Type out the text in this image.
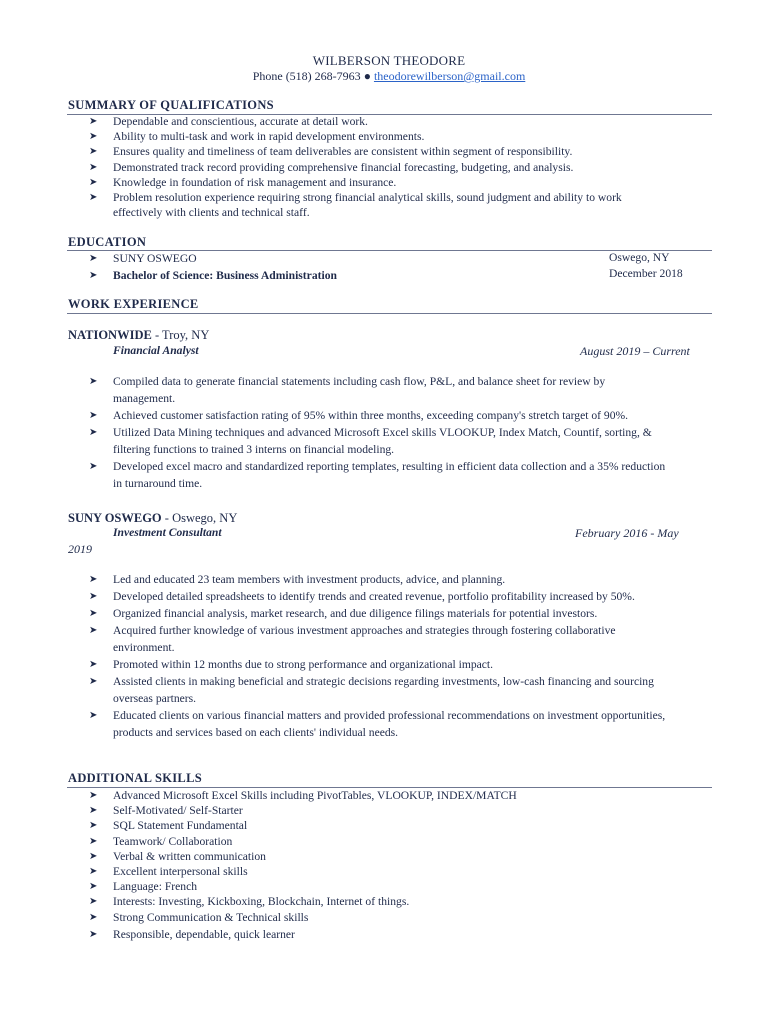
WILBERSON THEODORE
Phone (518) 268-7963 ● theodorewilberson@gmail.com
SUMMARY OF QUALIFICATIONS
➤ Dependable and conscientious, accurate at detail work.
➤ Ability to multi-task and work in rapid development environments.
➤ Ensures quality and timeliness of team deliverables are consistent within segment of responsibility.
➤ Demonstrated track record providing comprehensive financial forecasting, budgeting, and analysis.
➤ Knowledge in foundation of risk management and insurance.
➤ Problem resolution experience requiring strong financial analytical skills, sound judgment and ability to work
effectively with clients and technical staff.
EDUCATION
➤ SUNY OSWEGO
➤ Bachelor of Science: Business Administration
Oswego, NY
December 2018
WORK EXPERIENCE
NATIONWIDE - Troy, NY
Financial Analyst	August 2019 – Current
➤ Compiled data to generate financial statements including cash flow, P&L, and balance sheet for review by
management.
➤ Achieved customer satisfaction rating of 95% within three months, exceeding company's stretch target of 90%.
➤ Utilized Data Mining techniques and advanced Microsoft Excel skills VLOOKUP, Index Match, Countif, sorting, &
filtering functions to trained 3 interns on financial modeling.
➤ Developed excel macro and standardized reporting templates, resulting in efficient data collection and a 35% reduction
in turnaround time.
SUNY OSWEGO - Oswego, NY
Investment Consultant	February 2016 - May
2019
➤ Led and educated 23 team members with investment products, advice, and planning.
➤ Developed detailed spreadsheets to identify trends and created revenue, portfolio profitability increased by 50%.
➤ Organized financial analysis, market research, and due diligence filings materials for potential investors.
➤ Acquired further knowledge of various investment approaches and strategies through fostering collaborative
environment.
➤ Promoted within 12 months due to strong performance and organizational impact.
➤ Assisted clients in making beneficial and strategic decisions regarding investments, low-cash financing and sourcing
overseas partners.
➤ Educated clients on various financial matters and provided professional recommendations on investment opportunities,
products and services based on each clients' individual needs.
ADDITIONAL SKILLS
➤ Advanced Microsoft Excel Skills including PivotTables, VLOOKUP, INDEX/MATCH
➤ Self-Motivated/ Self-Starter
➤ SQL Statement Fundamental
➤ Teamwork/ Collaboration
➤ Verbal & written communication
➤ Excellent interpersonal skills
➤ Language: French
➤ Interests: Investing, Kickboxing, Blockchain, Internet of things.
➤ Strong Communication & Technical skills
➤ Responsible, dependable, quick learner
